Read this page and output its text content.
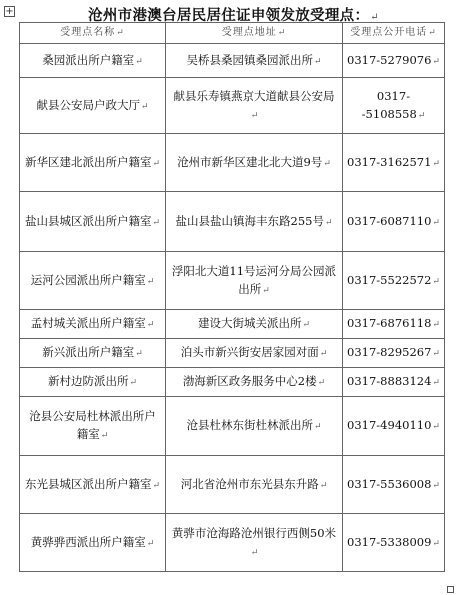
+	沧州市港澳台居民居住证申领发放受理点：↵
受理点名称↵	受理点地址↵	受理点公开电话↵
桑园派出所户籍室↵	吴桥县桑园镇桑园派出所↵	0317-5279076↵
献县公安局户政大厅↵	献县乐寿镇燕京大道献县公安局↵	0317--5108558↵
新华区建北派出所户籍室↵	沧州市新华区建北北大道9号↵	0317-3162571↵
盐山县城区派出所户籍室↵	盐山县盐山镇海丰东路255号↵	0317-6087110↵
运河公园派出所户籍室↵	浮阳北大道11号运河分局公园派出所↵	0317-5522572↵
孟村城关派出所户籍室↵	建设大街城关派出所↵	0317-6876118↵
新兴派出所户籍室↵	泊头市新兴街安居家园对面↵	0317-8295267↵
新村边防派出所↵	渤海新区政务服务中心2楼↵	0317-8883124↵
沧县公安局杜林派出所户籍室↵	沧县杜林东街杜林派出所↵	0317-4940110↵
东光县城区派出所户籍室↵	河北省沧州市东光县东升路↵	0317-5536008↵
黄骅骅西派出所户籍室↵	黄骅市沧海路沧州银行西侧50米↵	0317-5338009↵
